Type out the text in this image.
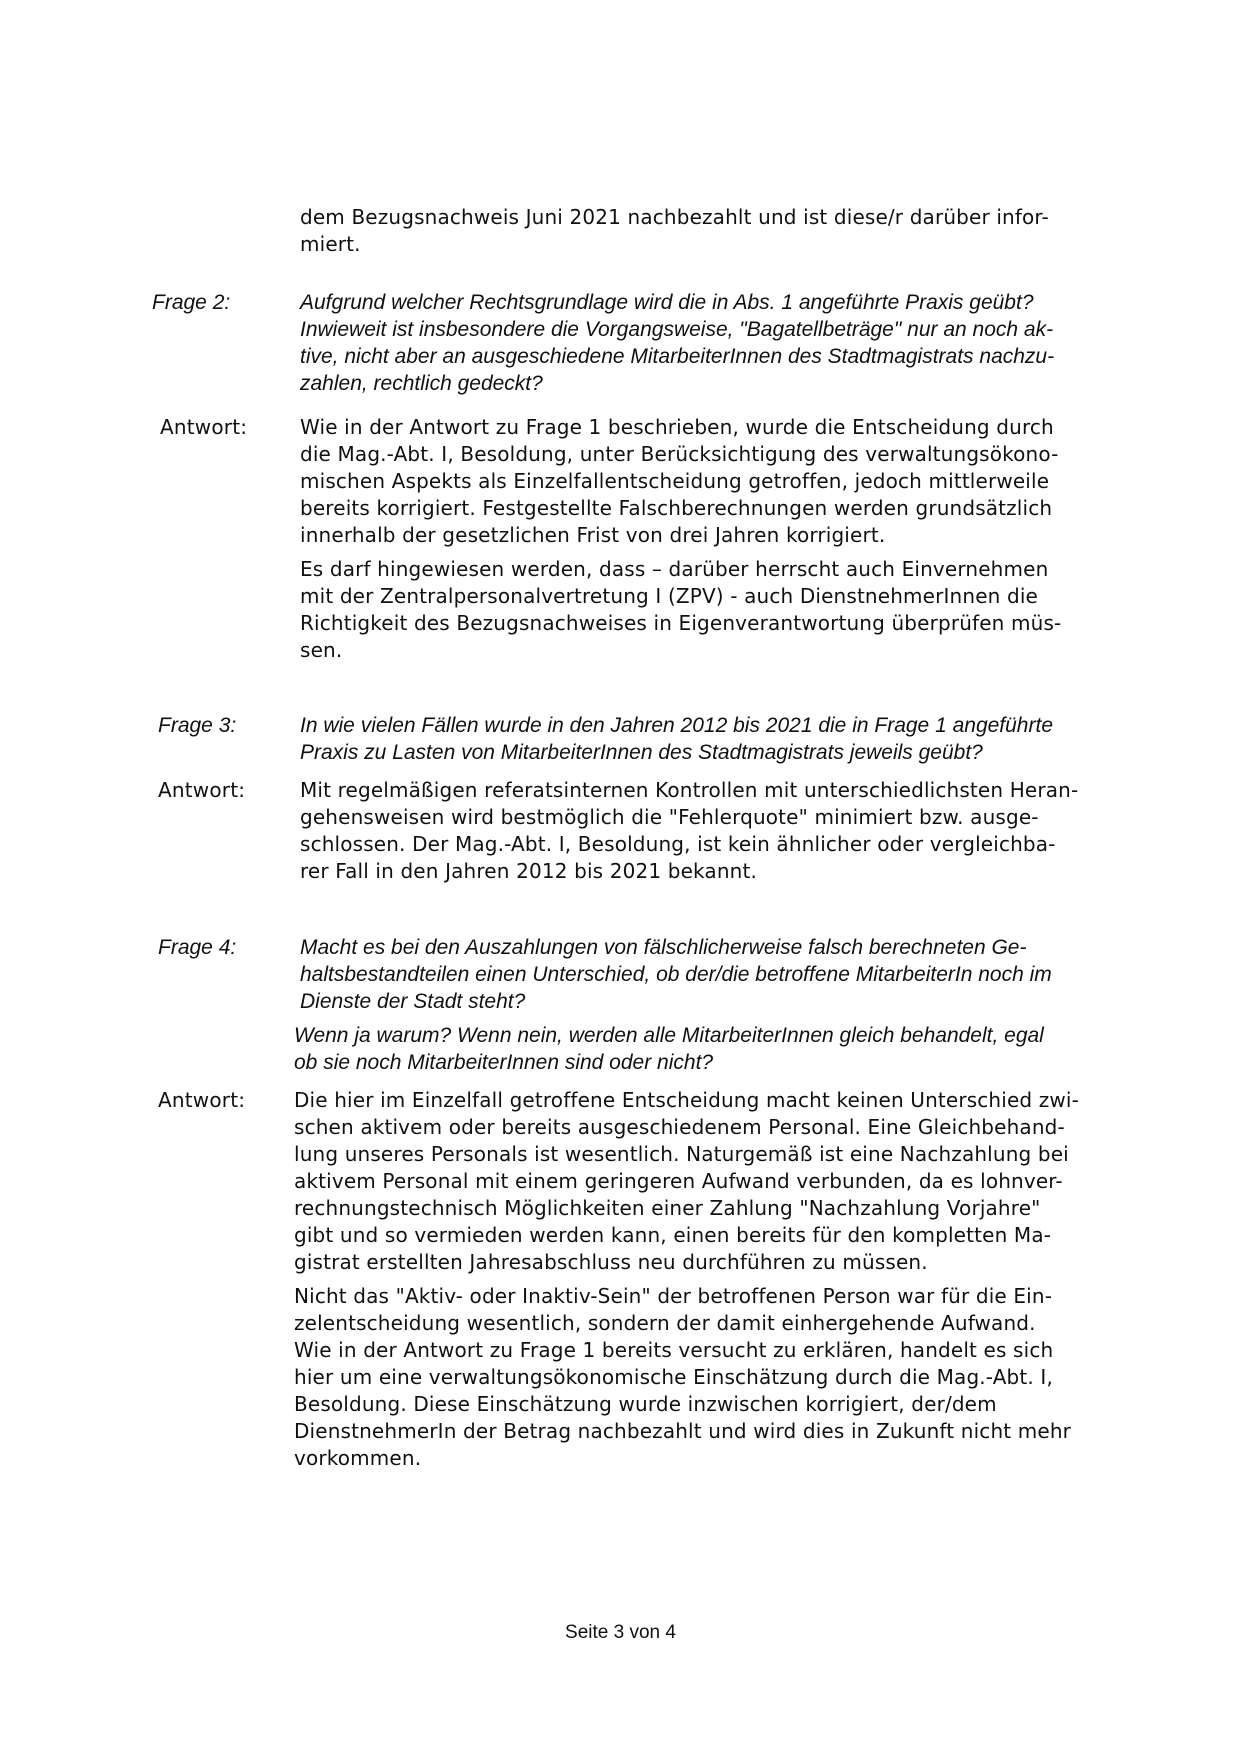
dem Bezugsnachweis Juni 2021 nachbezahlt und ist diese/r darüber infor-
miert.
Frage 2:	Aufgrund welcher Rechtsgrundlage wird die in Abs. 1 angeführte Praxis geübt?
Inwieweit ist insbesondere die Vorgangsweise, "Bagatellbeträge" nur an noch ak-
tive, nicht aber an ausgeschiedene MitarbeiterInnen des Stadtmagistrats nachzu-
zahlen, rechtlich gedeckt?
Antwort:	Wie in der Antwort zu Frage 1 beschrieben, wurde die Entscheidung durch
die Mag.-Abt. I, Besoldung, unter Berücksichtigung des verwaltungsökono-
mischen Aspekts als Einzelfallentscheidung getroffen, jedoch mittlerweile
bereits korrigiert. Festgestellte Falschberechnungen werden grundsätzlich
innerhalb der gesetzlichen Frist von drei Jahren korrigiert.
Es darf hingewiesen werden, dass – darüber herrscht auch Einvernehmen
mit der Zentralpersonalvertretung I (ZPV) - auch DienstnehmerInnen die
Richtigkeit des Bezugsnachweises in Eigenverantwortung überprüfen müs-
sen.
Frage 3:	In wie vielen Fällen wurde in den Jahren 2012 bis 2021 die in Frage 1 angeführte
Praxis zu Lasten von MitarbeiterInnen des Stadtmagistrats jeweils geübt?
Antwort:	Mit regelmäßigen referatsinternen Kontrollen mit unterschiedlichsten Heran-
gehensweisen wird bestmöglich die "Fehlerquote" minimiert bzw. ausge-
schlossen. Der Mag.-Abt. I, Besoldung, ist kein ähnlicher oder vergleichba-
rer Fall in den Jahren 2012 bis 2021 bekannt.
Frage 4:	Macht es bei den Auszahlungen von fälschlicherweise falsch berechneten Ge-
haltsbestandteilen einen Unterschied, ob der/die betroffene MitarbeiterIn noch im
Dienste der Stadt steht?
Wenn ja warum? Wenn nein, werden alle MitarbeiterInnen gleich behandelt, egal
ob sie noch MitarbeiterInnen sind oder nicht?
Antwort: Die hier im Einzelfall getroffene Entscheidung macht keinen Unterschied zwi-
schen aktivem oder bereits ausgeschiedenem Personal. Eine Gleichbehand-
lung unseres Personals ist wesentlich. Naturgemäß ist eine Nachzahlung bei
aktivem Personal mit einem geringeren Aufwand verbunden, da es lohnver-
rechnungstechnisch Möglichkeiten einer Zahlung "Nachzahlung Vorjahre"
gibt und so vermieden werden kann, einen bereits für den kompletten Ma-
gistrat erstellten Jahresabschluss neu durchführen zu müssen.
Nicht das "Aktiv- oder Inaktiv-Sein" der betroffenen Person war für die Ein-
zelentscheidung wesentlich, sondern der damit einhergehende Aufwand.
Wie in der Antwort zu Frage 1 bereits versucht zu erklären, handelt es sich
hier um eine verwaltungsökonomische Einschätzung durch die Mag.-Abt. I,
Besoldung. Diese Einschätzung wurde inzwischen korrigiert, der/dem
DienstnehmerIn der Betrag nachbezahlt und wird dies in Zukunft nicht mehr
vorkommen.
Seite 3 von 4
